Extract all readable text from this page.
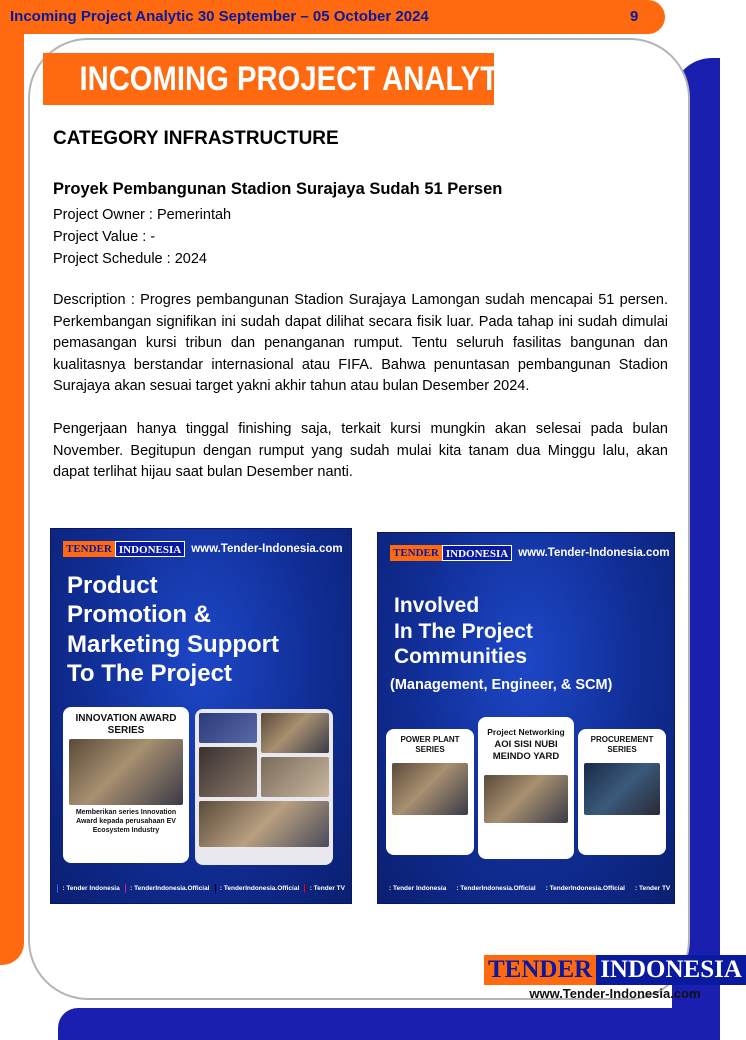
Incoming Project Analytic 30 September – 05 October 2024	9
INCOMING PROJECT ANALYTIC
CATEGORY INFRASTRUCTURE
Proyek Pembangunan Stadion Surajaya Sudah 51 Persen
Project Owner : Pemerintah
Project Value : -
Project Schedule : 2024
Description : Progres pembangunan Stadion Surajaya Lamongan sudah mencapai 51 persen. Perkembangan signifikan ini sudah dapat dilihat secara fisik luar. Pada tahap ini sudah dimulai pemasangan kursi tribun dan penanganan rumput. Tentu seluruh fasilitas bangunan dan kualitasnya berstandar internasional atau FIFA. Bahwa penuntasan pembangunan Stadion Surajaya akan sesuai target yakni akhir tahun atau bulan Desember 2024.
Pengerjaan hanya tinggal finishing saja, terkait kursi mungkin akan selesai pada bulan November. Begitupun dengan rumput yang sudah mulai kita tanam dua Minggu lalu, akan dapat terlihat hijau saat bulan Desember nanti.
TENDER INDONESIA www.Tender-Indonesia.com
Product
Promotion &
Marketing Support
To The Project
INNOVATION AWARD SERIES
Memberikan series Innovation Award kepada perusahaan EV Ecosystem Industry
: Tender Indonesia : TenderIndonesia.Official : TenderIndonesia.Official : Tender TV
TENDER INDONESIA www.Tender-Indonesia.com
Involved
In The Project
Communities
(Management, Engineer, & SCM)
POWER PLANT SERIES
Project Networking
AOI SISI NUBI MEINDO YARD
PROCUREMENT SERIES
: Tender Indonesia : TenderIndonesia.Official : TenderIndonesia.Official : Tender TV
TENDER INDONESIA
www.Tender-Indonesia.com
